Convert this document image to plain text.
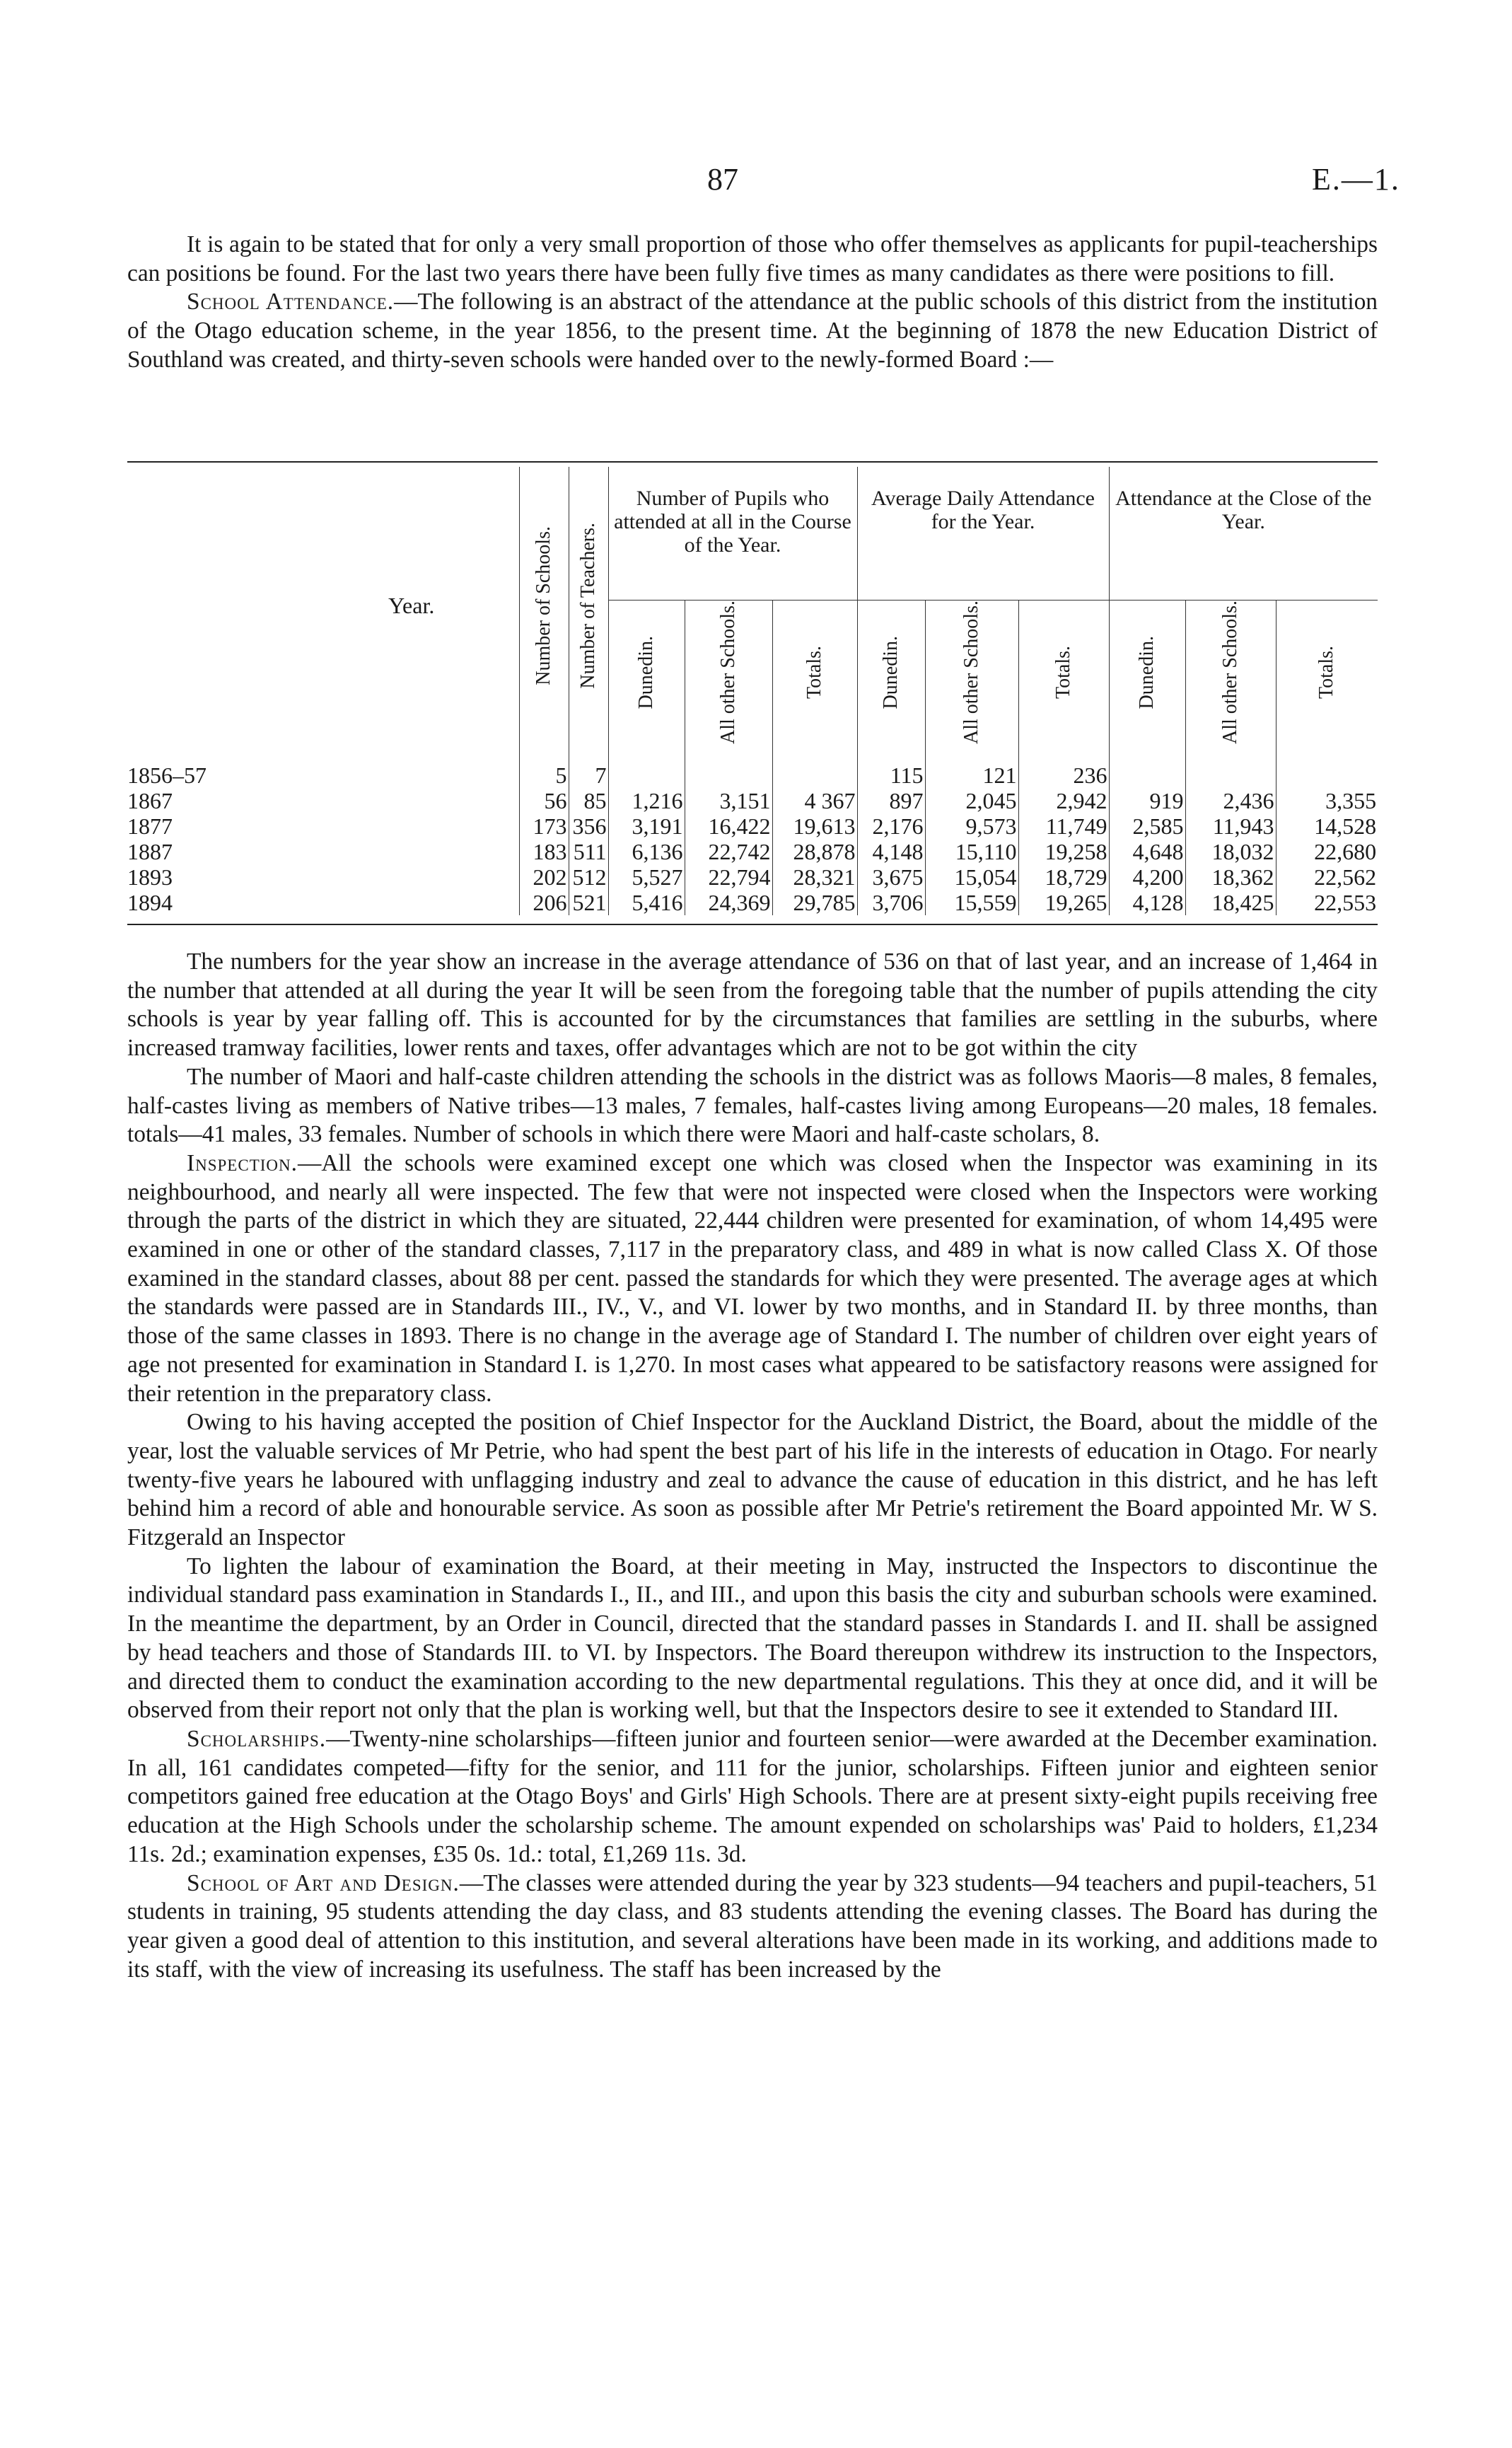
87	E.—1.

It is again to be stated that for only a very small proportion of those who offer themselves as applicants for pupil-teacherships can positions be found. For the last two years there have been fully five times as many candidates as there were positions to fill.

School Attendance.—The following is an abstract of the attendance at the public schools of this district from the institution of the Otago education scheme, in the year 1856, to the present time. At the beginning of 1878 the new Education District of Southland was created, and thirty-seven schools were handed over to the newly-formed Board :—

Year.	Number of Schools.	Number of Teachers.	Number of Pupils who attended at all in the Course of the Year.			Average Daily Attendance for the Year.			Attendance at the Close of the Year.		

			Dunedin.	All other Schools.	Totals.	Dunedin.	All other Schools.	Totals.	Dunedin.	All other Schools.	Totals.

1856–57	5	7				115	121	236			
1867	56	85	1,216	3,151	4 367	897	2,045	2,942	919	2,436	3,355
1877	173	356	3,191	16,422	19,613	2,176	9,573	11,749	2,585	11,943	14,528
1887	183	511	6,136	22,742	28,878	4,148	15,110	19,258	4,648	18,032	22,680
1893	202	512	5,527	22,794	28,321	3,675	15,054	18,729	4,200	18,362	22,562
1894	206	521	5,416	24,369	29,785	3,706	15,559	19,265	4,128	18,425	22,553

The numbers for the year show an increase in the average attendance of 536 on that of last year, and an increase of 1,464 in the number that attended at all during the year It will be seen from the foregoing table that the number of pupils attending the city schools is year by year falling off. This is accounted for by the circumstances that families are settling in the suburbs, where increased tramway facilities, lower rents and taxes, offer advantages which are not to be got within the city

The number of Maori and half-caste children attending the schools in the district was as follows Maoris—8 males, 8 females, half-castes living as members of Native tribes—13 males, 7 females, half-castes living among Europeans—20 males, 18 females. totals—41 males, 33 females. Number of schools in which there were Maori and half-caste scholars, 8.

Inspection.—All the schools were examined except one which was closed when the Inspector was examining in its neighbourhood, and nearly all were inspected. The few that were not inspected were closed when the Inspectors were working through the parts of the district in which they are situated, 22,444 children were presented for examination, of whom 14,495 were examined in one or other of the standard classes, 7,117 in the preparatory class, and 489 in what is now called Class X. Of those examined in the standard classes, about 88 per cent. passed the standards for which they were presented. The average ages at which the standards were passed are in Standards III., IV., V., and VI. lower by two months, and in Standard II. by three months, than those of the same classes in 1893. There is no change in the average age of Standard I. The number of children over eight years of age not presented for examination in Standard I. is 1,270. In most cases what appeared to be satisfactory reasons were assigned for their retention in the preparatory class.

Owing to his having accepted the position of Chief Inspector for the Auckland District, the Board, about the middle of the year, lost the valuable services of Mr Petrie, who had spent the best part of his life in the interests of education in Otago. For nearly twenty-five years he laboured with unflagging industry and zeal to advance the cause of education in this district, and he has left behind him a record of able and honourable service. As soon as possible after Mr Petrie's retirement the Board appointed Mr. W S. Fitzgerald an Inspector

To lighten the labour of examination the Board, at their meeting in May, instructed the Inspectors to discontinue the individual standard pass examination in Standards I., II., and III., and upon this basis the city and suburban schools were examined. In the meantime the department, by an Order in Council, directed that the standard passes in Standards I. and II. shall be assigned by head teachers and those of Standards III. to VI. by Inspectors. The Board thereupon withdrew its instruction to the Inspectors, and directed them to conduct the examination according to the new departmental regulations. This they at once did, and it will be observed from their report not only that the plan is working well, but that the Inspectors desire to see it extended to Standard III.

Scholarships.—Twenty-nine scholarships—fifteen junior and fourteen senior—were awarded at the December examination. In all, 161 candidates competed—fifty for the senior, and 111 for the junior, scholarships. Fifteen junior and eighteen senior competitors gained free education at the Otago Boys' and Girls' High Schools. There are at present sixty-eight pupils receiving free education at the High Schools under the scholarship scheme. The amount expended on scholarships was' Paid to holders, £1,234 11s. 2d.; examination expenses, £35 0s. 1d.: total, £1,269 11s. 3d.

School of Art and Design.—The classes were attended during the year by 323 students—94 teachers and pupil-teachers, 51 students in training, 95 students attending the day class, and 83 students attending the evening classes. The Board has during the year given a good deal of attention to this institution, and several alterations have been made in its working, and additions made to its staff, with the view of increasing its usefulness. The staff has been increased by the
